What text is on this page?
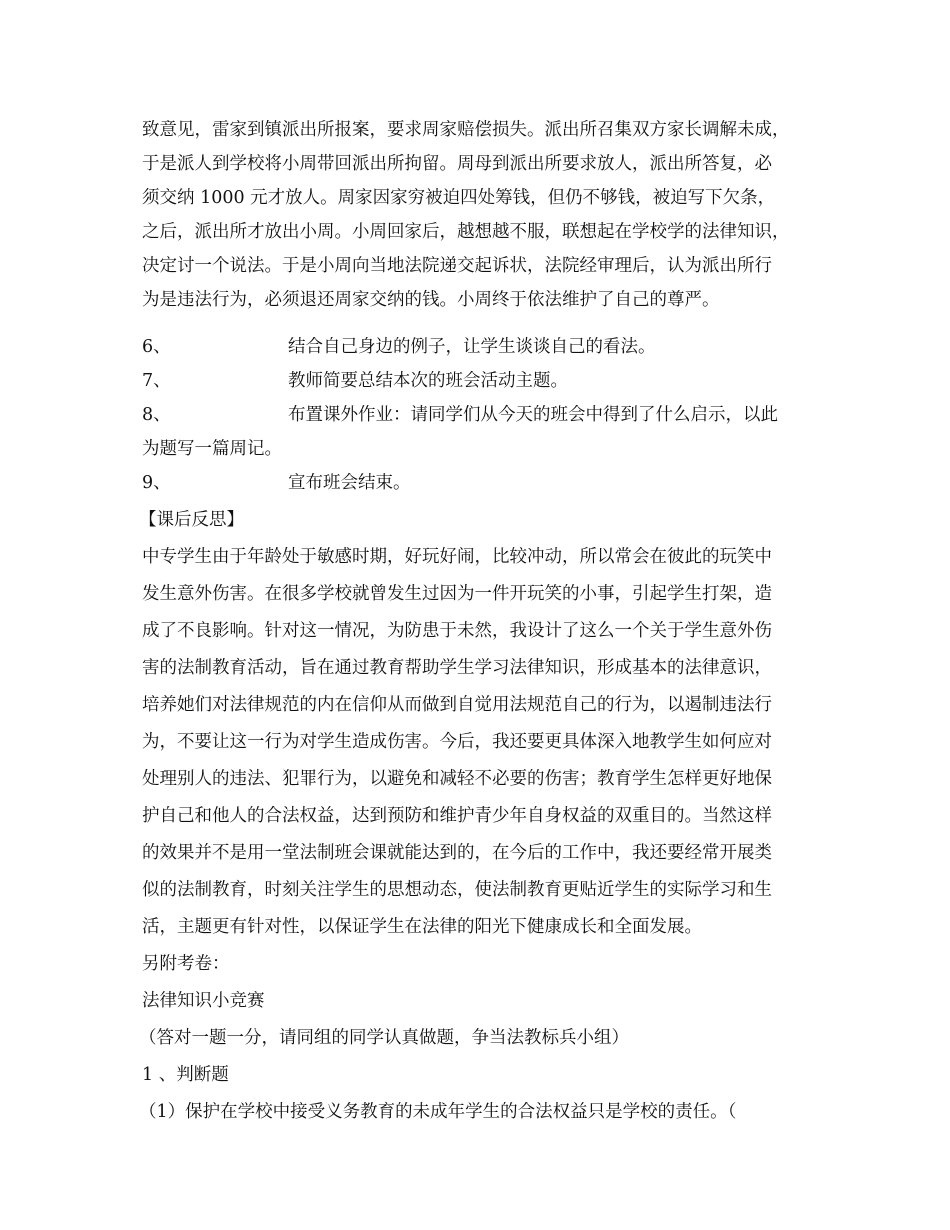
致意见，雷家到镇派出所报案，要求周家赔偿损失。派出所召集双方家长调解未成，
于是派人到学校将小周带回派出所拘留。周母到派出所要求放人，派出所答复，必
须交纳 1000 元才放人。周家因家穷被迫四处筹钱，但仍不够钱，被迫写下欠条，
之后，派出所才放出小周。小周回家后，越想越不服，联想起在学校学的法律知识，
决定讨一个说法。于是小周向当地法院递交起诉状，法院经审理后，认为派出所行
为是违法行为，必须退还周家交纳的钱。小周终于依法维护了自己的尊严。
6、	结合自己身边的例子，让学生谈谈自己的看法。
7、	教师简要总结本次的班会活动主题。
8、	布置课外作业：请同学们从今天的班会中得到了什么启示，以此
为题写一篇周记。
9、	宣布班会结束。
【课后反思】
中专学生由于年龄处于敏感时期，好玩好闹，比较冲动，所以常会在彼此的玩笑中
发生意外伤害。在很多学校就曾发生过因为一件开玩笑的小事，引起学生打架，造
成了不良影响。针对这一情况，为防患于未然，我设计了这么一个关于学生意外伤
害的法制教育活动，旨在通过教育帮助学生学习法律知识，形成基本的法律意识，
培养她们对法律规范的内在信仰从而做到自觉用法规范自己的行为，以遏制违法行
为，不要让这一行为对学生造成伤害。今后，我还要更具体深入地教学生如何应对
处理别人的违法、犯罪行为，以避免和减轻不必要的伤害；教育学生怎样更好地保
护自己和他人的合法权益，达到预防和维护青少年自身权益的双重目的。当然这样
的效果并不是用一堂法制班会课就能达到的，在今后的工作中，我还要经常开展类
似的法制教育，时刻关注学生的思想动态，使法制教育更贴近学生的实际学习和生
活，主题更有针对性，以保证学生在法律的阳光下健康成长和全面发展。
另附考卷：
法律知识小竞赛
（答对一题一分，请同组的同学认真做题，争当法教标兵小组）
1 、判断题
（1）保护在学校中接受义务教育的未成年学生的合法权益只是学校的责任。（
